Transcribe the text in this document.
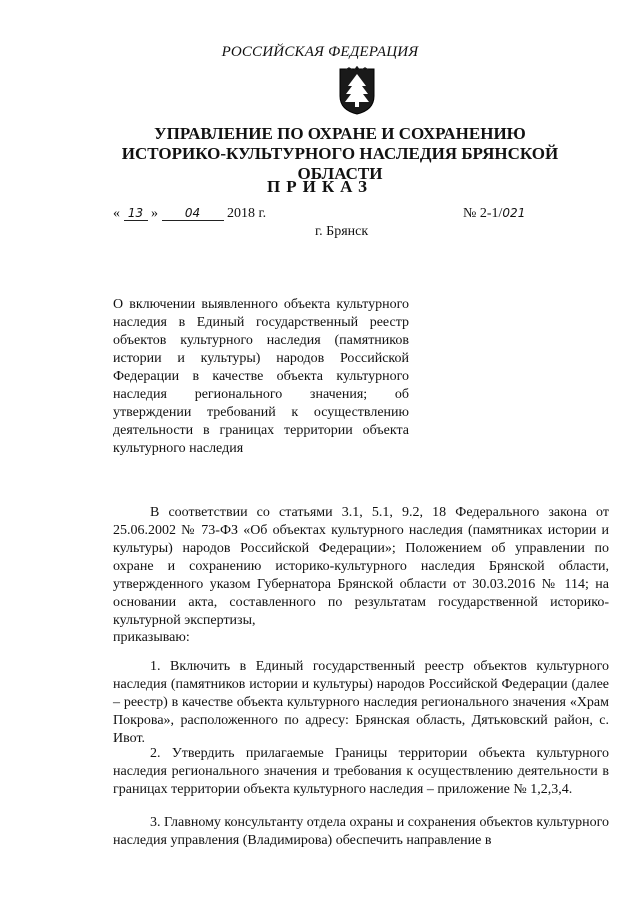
РОССИЙСКАЯ ФЕДЕРАЦИЯ
УПРАВЛЕНИЕ ПО ОХРАНЕ И СОХРАНЕНИЮ ИСТОРИКО-КУЛЬТУРНОГО НАСЛЕДИЯ БРЯНСКОЙ ОБЛАСТИ
ПРИКАЗ
« 13 » 04 2018 г.	№ 2-1/021
г. Брянск
О включении выявленного объекта культурного наследия в Единый государственный реестр объектов культурного наследия (памятников истории и культуры) народов Российской Федерации в качестве объекта культурного наследия регионального значения; об утверждении требований к осуществлению деятельности в границах территории объекта культурного наследия
В соответствии со статьями 3.1, 5.1, 9.2, 18 Федерального закона от 25.06.2002 № 73-ФЗ «Об объектах культурного наследия (памятниках истории и культуры) народов Российской Федерации»; Положением об управлении по охране и сохранению историко-культурного наследия Брянской области, утвержденного указом Губернатора Брянской области от 30.03.2016 № 114; на основании акта, составленного по результатам государственной историко-культурной экспертизы,
приказываю:
1. Включить в Единый государственный реестр объектов культурного наследия (памятников истории и культуры) народов Российской Федерации (далее – реестр) в качестве объекта культурного наследия регионального значения «Храм Покрова», расположенного по адресу: Брянская область, Дятьковский район, с. Ивот.
2. Утвердить прилагаемые Границы территории объекта культурного наследия регионального значения и требования к осуществлению деятельности в границах территории объекта культурного наследия – приложение № 1,2,3,4.
3. Главному консультанту отдела охраны и сохранения объектов культурного наследия управления (Владимирова) обеспечить направление в
